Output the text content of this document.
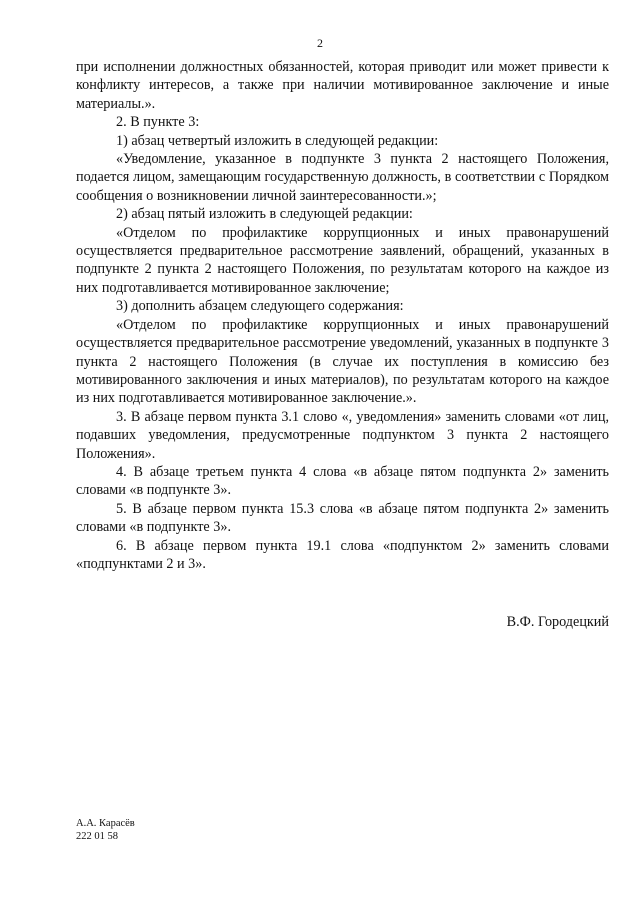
2

при исполнении должностных обязанностей, которая приводит или может привести к конфликту интересов, а также при наличии мотивированное заключение и иные материалы.».

2. В пункте 3:

1) абзац четвертый изложить в следующей редакции:

«Уведомление, указанное в подпункте 3 пункта 2 настоящего Положения, подается лицом, замещающим государственную должность, в соответствии с Порядком сообщения о возникновении личной заинтересованности.»;

2) абзац пятый изложить в следующей редакции:

«Отделом по профилактике коррупционных и иных правонарушений осуществляется предварительное рассмотрение заявлений, обращений, указанных в подпункте 2 пункта 2 настоящего Положения, по результатам которого на каждое из них подготавливается мотивированное заключение;

3) дополнить абзацем следующего содержания:

«Отделом по профилактике коррупционных и иных правонарушений осуществляется предварительное рассмотрение уведомлений, указанных в подпункте 3 пункта 2 настоящего Положения (в случае их поступления в комиссию без мотивированного заключения и иных материалов), по результатам которого на каждое из них подготавливается мотивированное заключение.».

3. В абзаце первом пункта 3.1 слово «, уведомления» заменить словами «от лиц, подавших уведомления, предусмотренные подпунктом 3 пункта 2 настоящего Положения».

4. В абзаце третьем пункта 4 слова «в абзаце пятом подпункта 2» заменить словами «в подпункте 3».

5. В абзаце первом пункта 15.3 слова «в абзаце пятом подпункта 2» заменить словами «в подпункте 3».

6. В абзаце первом пункта 19.1 слова «подпунктом 2» заменить словами «подпунктами 2 и 3».

В.Ф. Городецкий
А.А. Карасёв
222 01 58
